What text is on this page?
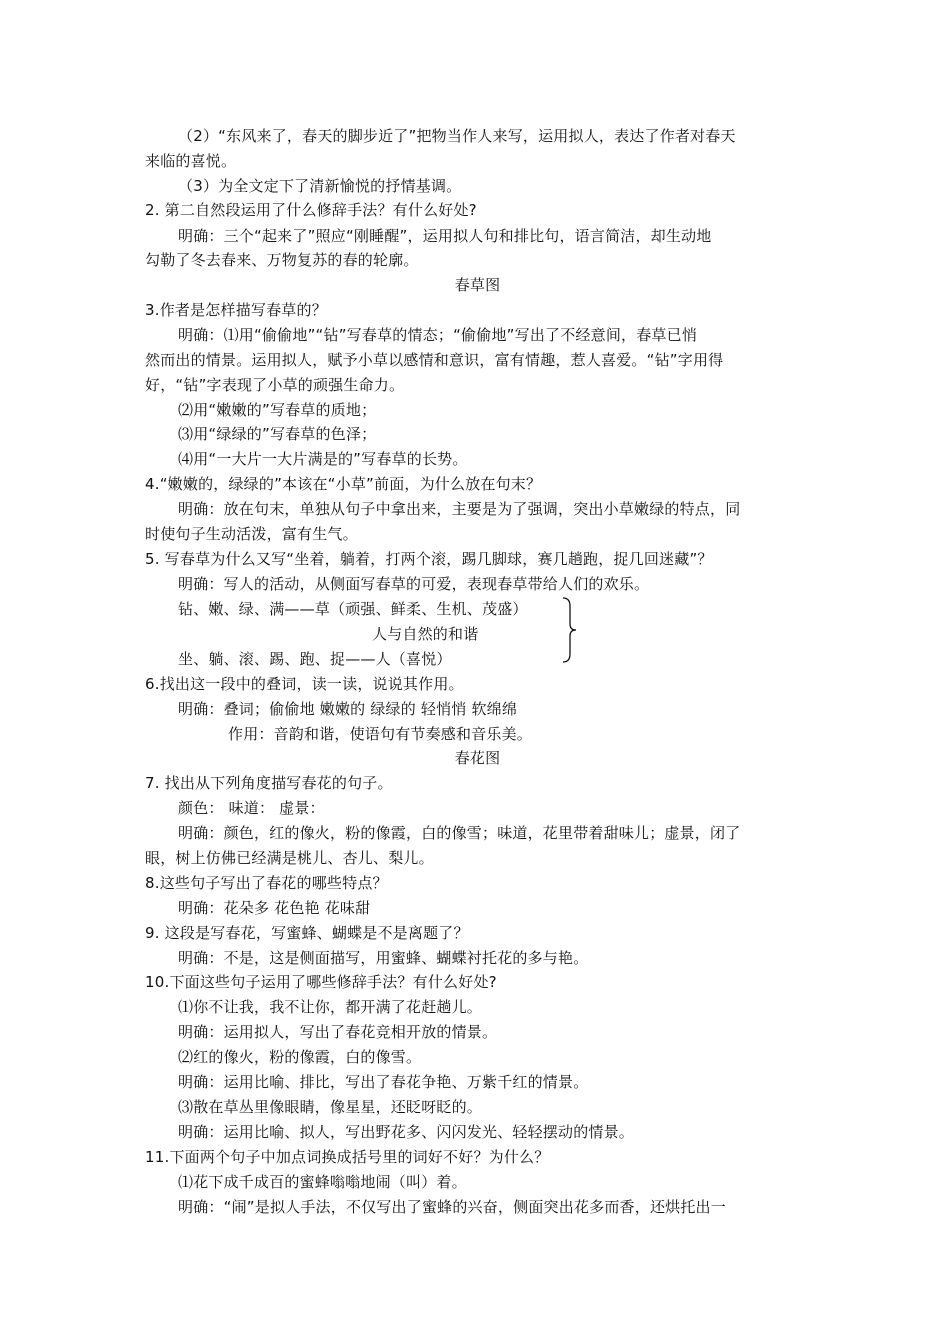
（2）“东风来了，春天的脚步近了”把物当作人来写，运用拟人，表达了作者对春天
来临的喜悦。
（3）为全文定下了清新愉悦的抒情基调。
2. 第二自然段运用了什么修辞手法？有什么好处?
明确：三个“起来了”照应“刚睡醒”，运用拟人句和排比句，语言简洁，却生动地
勾勒了冬去春来、万物复苏的春的轮廓。
春草图
3.作者是怎样描写春草的？
明确：⑴用“偷偷地”“钻”写春草的情态；“偷偷地”写出了不经意间，春草已悄
然而出的情景。运用拟人，赋予小草以感情和意识，富有情趣，惹人喜爱。“钻”字用得
好，“钻”字表现了小草的顽强生命力。
⑵用“嫩嫩的”写春草的质地；
⑶用“绿绿的”写春草的色泽；
⑷用“一大片一大片满是的”写春草的长势。
4.“嫩嫩的，绿绿的”本该在“小草”前面，为什么放在句末？
明确：放在句末，单独从句子中拿出来，主要是为了强调，突出小草嫩绿的特点，同
时使句子生动活泼，富有生气。
5. 写春草为什么又写“坐着，躺着，打两个滚，踢几脚球，赛几趟跑，捉几回迷藏”？
明确：写人的活动，从侧面写春草的可爱，表现春草带给人们的欢乐。
钻、嫩、绿、满——草（顽强、鲜柔、生机、茂盛）
人与自然的和谐
坐、躺、滚、踢、跑、捉——人（喜悦）
6.找出这一段中的叠词，读一读，说说其作用。
明确：叠词；偷偷地 嫩嫩的 绿绿的 轻悄悄 软绵绵
作用：音韵和谐，使语句有节奏感和音乐美。
春花图
7. 找出从下列角度描写春花的句子。
颜色： 味道： 虚景：
明确：颜色，红的像火，粉的像霞，白的像雪；味道，花里带着甜味儿；虚景，闭了
眼，树上仿佛已经满是桃儿、杏儿、梨儿。
8.这些句子写出了春花的哪些特点？
明确：花朵多 花色艳 花味甜
9. 这段是写春花，写蜜蜂、蝴蝶是不是离题了？
明确：不是，这是侧面描写，用蜜蜂、蝴蝶衬托花的多与艳。
10.下面这些句子运用了哪些修辞手法？有什么好处?
⑴你不让我，我不让你，都开满了花赶趟儿。
明确：运用拟人，写出了春花竞相开放的情景。
⑵红的像火，粉的像霞，白的像雪。
明确：运用比喻、排比，写出了春花争艳、万紫千红的情景。
⑶散在草丛里像眼睛，像星星，还眨呀眨的。
明确：运用比喻、拟人，写出野花多、闪闪发光、轻轻摆动的情景。
11.下面两个句子中加点词换成括号里的词好不好？为什么？
⑴花下成千成百的蜜蜂嗡嗡地闹（叫）着。
明确：“闹”是拟人手法，不仅写出了蜜蜂的兴奋，侧面突出花多而香，还烘托出一
